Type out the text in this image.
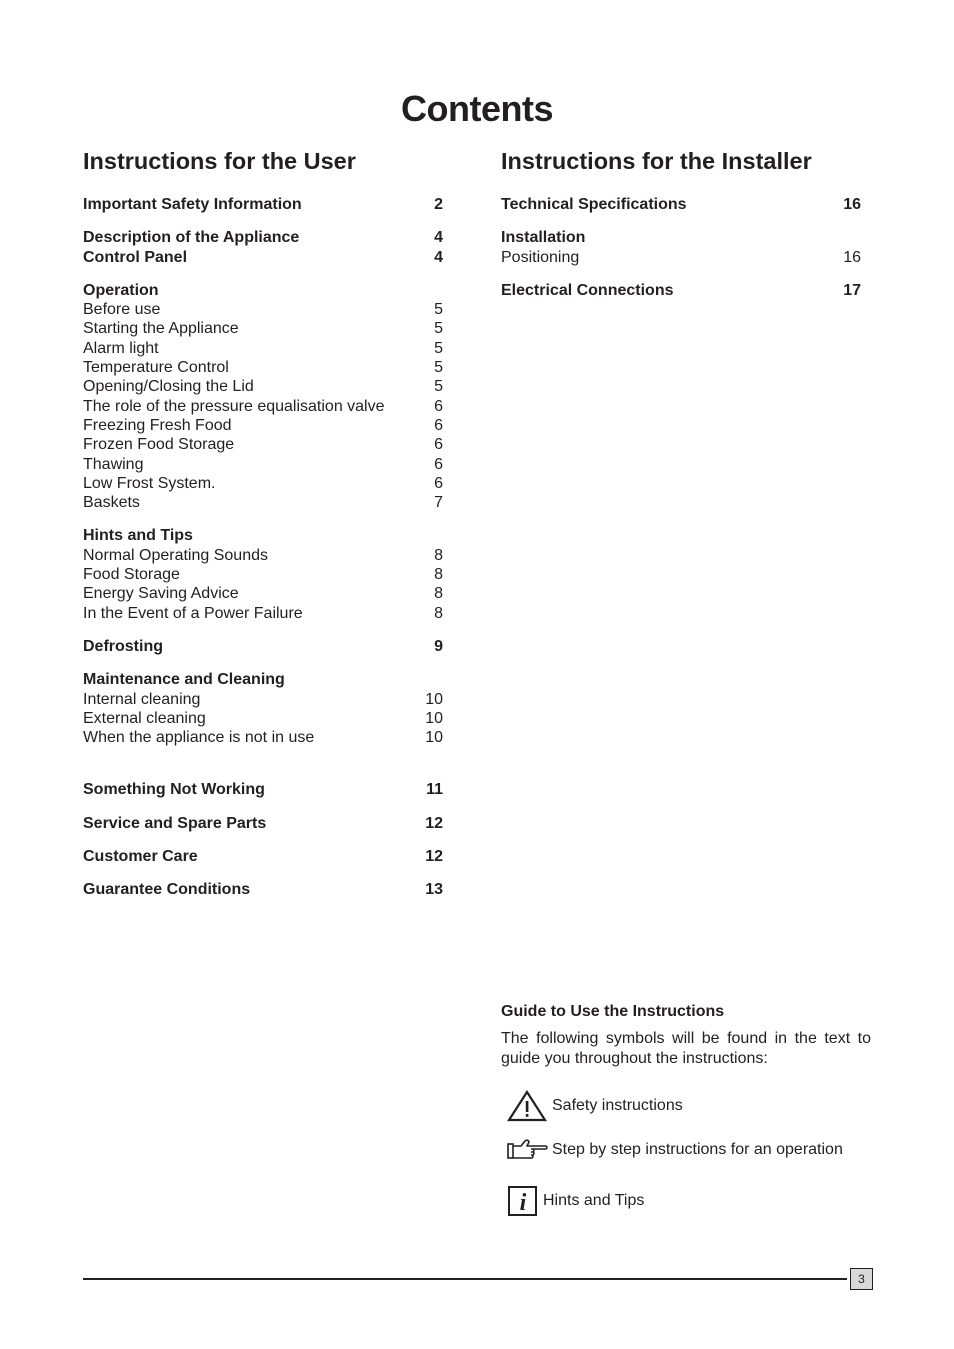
Contents
Instructions for the User
Important Safety Information	2
Description of the Appliance	4
Control Panel	4
Operation
Before use	5
Starting the Appliance	5
Alarm light	5
Temperature Control	5
Opening/Closing the Lid	5
The role of the pressure equalisation valve	6
Freezing Fresh Food	6
Frozen Food Storage	6
Thawing	6
Low Frost System.	6
Baskets	7
Hints and Tips
Normal Operating Sounds	8
Food Storage	8
Energy Saving Advice	8
In the Event of a Power Failure	8
Defrosting	9
Maintenance and Cleaning
Internal cleaning	10
External cleaning	10
When the appliance is not in use	10
Something Not Working	11
Service and Spare Parts	12
Customer Care	12
Guarantee Conditions	13
Instructions for the Installer
Technical Specifications	16
Installation
Positioning	16
Electrical Connections	17
Guide to Use the Instructions
The following symbols will be found in the text to guide you throughout the instructions:
Safety instructions
Step by step instructions for an operation
i Hints and Tips
3
